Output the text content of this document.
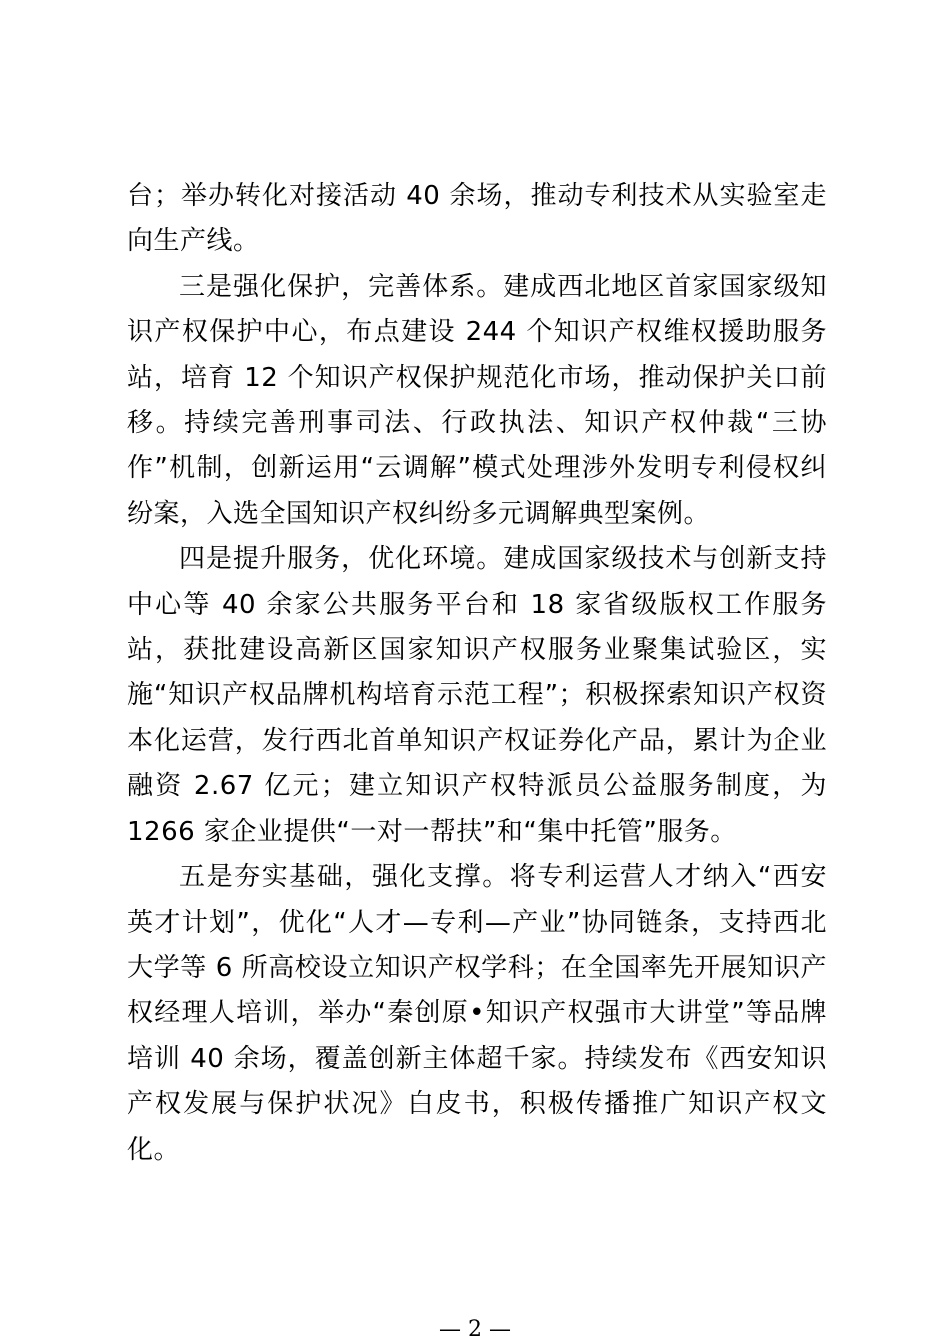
台；举办转化对接活动 40 余场，推动专利技术从实验室走向生产线。

三是强化保护，完善体系。建成西北地区首家国家级知识产权保护中心，布点建设 244 个知识产权维权援助服务站，培育 12 个知识产权保护规范化市场，推动保护关口前移。持续完善刑事司法、行政执法、知识产权仲裁“三协作”机制，创新运用“云调解”模式处理涉外发明专利侵权纠纷案，入选全国知识产权纠纷多元调解典型案例。

四是提升服务，优化环境。建成国家级技术与创新支持中心等 40 余家公共服务平台和 18 家省级版权工作服务站，获批建设高新区国家知识产权服务业聚集试验区，实施“知识产权品牌机构培育示范工程”；积极探索知识产权资本化运营，发行西北首单知识产权证券化产品，累计为企业融资 2.67 亿元；建立知识产权特派员公益服务制度，为 1266 家企业提供“一对一帮扶”和“集中托管”服务。

五是夯实基础，强化支撑。将专利运营人才纳入“西安英才计划”，优化“人才—专利—产业”协同链条，支持西北大学等 6 所高校设立知识产权学科；在全国率先开展知识产权经理人培训，举办“秦创原•知识产权强市大讲堂”等品牌培训 40 余场，覆盖创新主体超千家。持续发布《西安知识产权发展与保护状况》白皮书，积极传播推广知识产权文化。

— 2 —
